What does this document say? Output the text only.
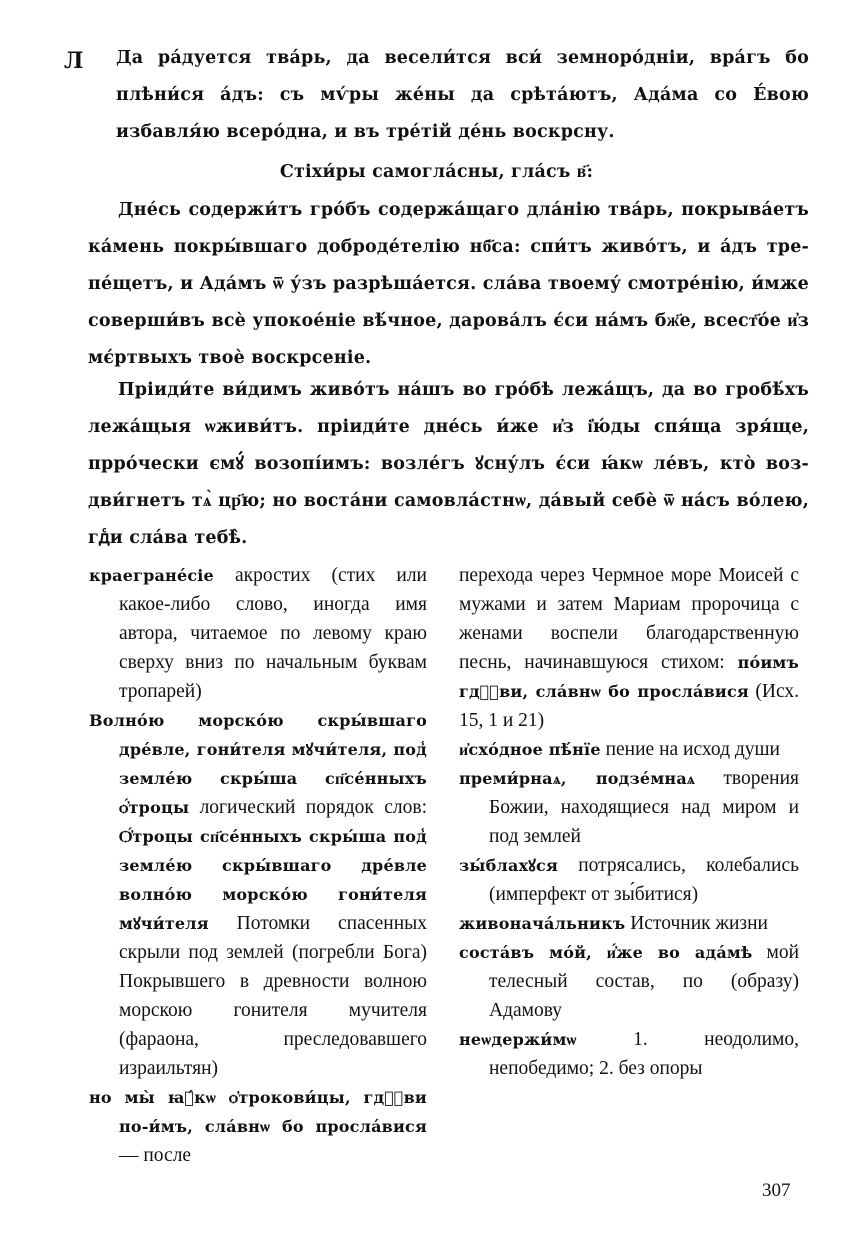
Л Да ра́дуется тва́рь, да весели́тся вси́ земноро́днiи, вра́гъ бо плѣни́ся а́дъ: съ мѵ́ры же́ны да срѣта́ютъ, Ада́ма со Е́вою избавля́ю всеро́дна, и въ тре́тiй де́нь воскрсну.
Стiхи́ры самогла́сны, гла́съ в҃:
Дне́сь содержи́тъ гро́бъ содержа́щаго дла́нiю тва́рь, покрыва́етъ ка́мень покры́вшаго доброде́телiю нб҃са: спи́тъ живо́тъ, и а́дъ тре-пе́щетъ, и Ада́мъ ѿ у́зъ разрѣша́ется. сла́ва твоему́ смотре́нiю, и́мже соверши́въ всѐ упокое́нiе вѣ́чное, дарова́лъ є́си на́мъ бж҃е, всест҃о́е и҆з мє́ртвыхъ твоѐ воскрсенiе.
Прiиди́те ви́димъ живо́тъ на́шъ во гро́бѣ лежа́щъ, да во гробѣ́хъ лежа́щыя ѡживи́тъ. прiиди́те дне́сь и́же и҆з і҆ю́ды спя́ща зря́ще, прро́чески ємꙋ́ возопі́имъ: возле́гъ ꙋсну́лъ є́си ꙗ́кѡ ле́въ, кто̀ воз-дви́гнетъ тѧ̀ цр҃ю; но воста́ни самовла́стнѡ, да́вый себѐ ѿ на́съ во́лею, гдⷭи сла́ва тебѣ̀.
краегране́сiе акростих (стих или какое-либо слово, иногда имя автора, читаемое по левому краю сверху вниз по начальным буквам тропарей)
Волно́ю морско́ю скры́вшаго дре́вле, гони́теля мꙋчи́теля, под̾ земле́ю скры́ша сп҃се́нныхъ ѻ҆́троцы логический порядок слов: Ѻ҆́троцы сп҃се́нныхъ скры́ша под̾ земле́ю скры́вшаго дре́вле волно́ю морско́ю гони́теля мꙋчи́теля Потомки спасенных скрыли под землей (погребли Бога) Покрывшего в древности волною морскою гонителя мучителя (фараона, преследовавшего израильтян)
но мы̀ ꙗ҆́кѡ ѻ҆трокови́цы, гдⷭ҇ви по-и́мъ, сла́внѡ бо просла́вися — после
перехода через Чермное море Моисей с мужами и затем Мариам пророчица с женами воспели благодарственную песнь, начинавшуюся стихом: по́имъ гдⷭ҇ви, сла́внѡ бо просла́вися (Исх. 15, 1 и 21)
и҆схо́дное пѣ́нїе пение на исход души
преми́рнаѧ, подзе́мнаѧ творения Божии, находящиеся над миром и под землей
зы́блахꙋся потрясались, колебались (имперфект от зы́битися)
живонача́льникъ Источник жизни
соста́въ мо́й, и҆́же во ада́мѣ мой телесный состав, по (образу) Адамову
неѡдержи́мѡ 1. неодолимо, непобедимо; 2. без опоры
307
